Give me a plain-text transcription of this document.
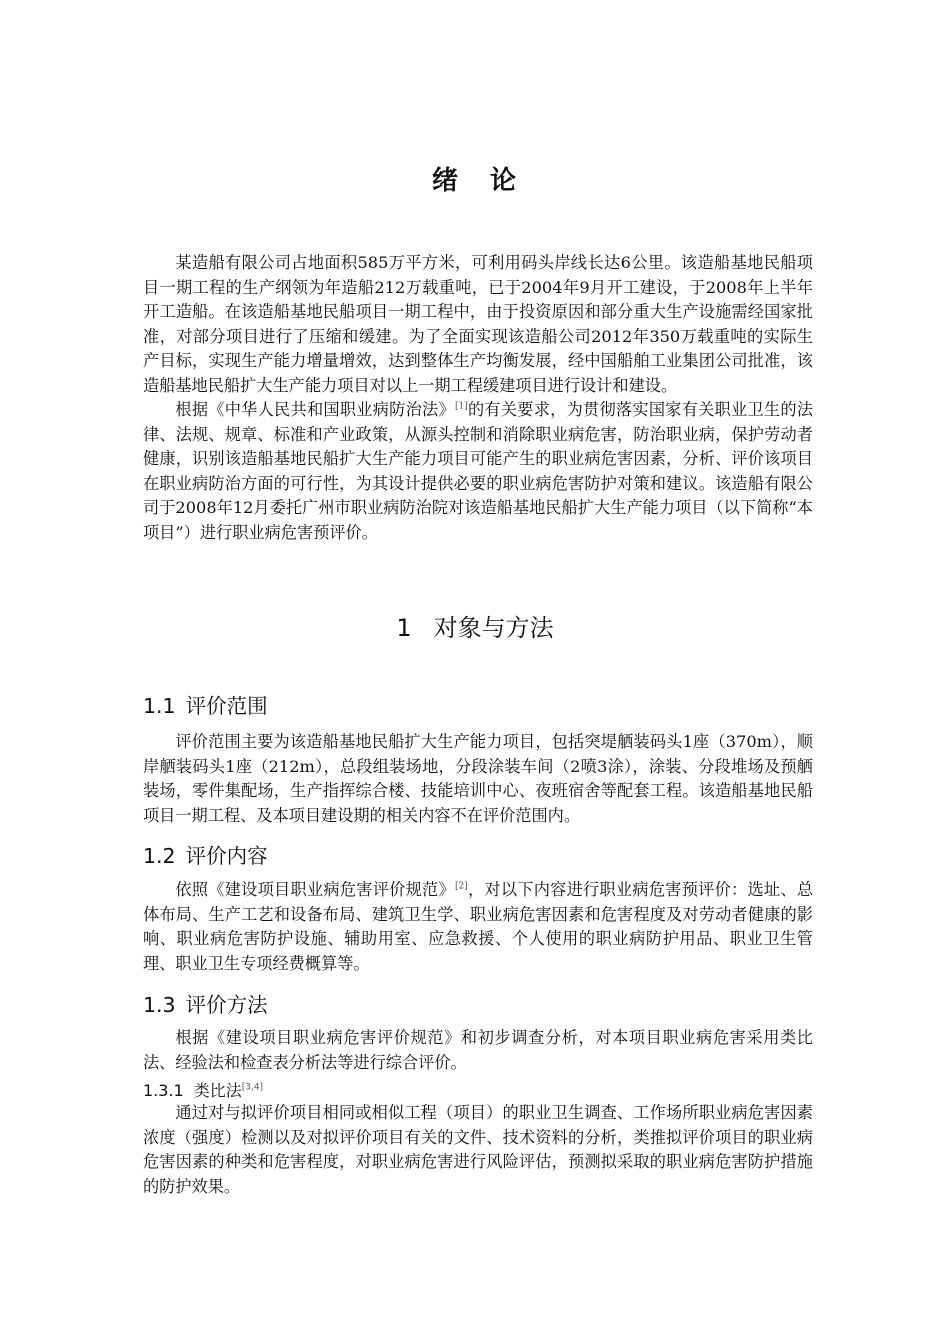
绪 论

某造船有限公司占地面积585万平方米，可利用码头岸线长达6公里。该造船基地民船项目一期工程的生产纲领为年造船212万载重吨，已于2004年9月开工建设，于2008年上半年开工造船。在该造船基地民船项目一期工程中，由于投资原因和部分重大生产设施需经国家批准，对部分项目进行了压缩和缓建。为了全面实现该造船公司2012年350万载重吨的实际生产目标，实现生产能力增量增效，达到整体生产均衡发展，经中国船舶工业集团公司批准，该造船基地民船扩大生产能力项目对以上一期工程缓建项目进行设计和建设。

根据《中华人民共和国职业病防治法》[1]的有关要求，为贯彻落实国家有关职业卫生的法律、法规、规章、标准和产业政策，从源头控制和消除职业病危害，防治职业病，保护劳动者健康，识别该造船基地民船扩大生产能力项目可能产生的职业病危害因素，分析、评价该项目在职业病防治方面的可行性，为其设计提供必要的职业病危害防护对策和建议。该造船有限公司于2008年12月委托广州市职业病防治院对该造船基地民船扩大生产能力项目（以下简称“本项目”）进行职业病危害预评价。

1 对象与方法
1.1 评价范围

评价范围主要为该造船基地民船扩大生产能力项目，包括突堤舾装码头1座（370m），顺岸舾装码头1座（212m），总段组装场地，分段涂装车间（2喷3涂），涂装、分段堆场及预舾装场，零件集配场，生产指挥综合楼、技能培训中心、夜班宿舍等配套工程。该造船基地民船项目一期工程、及本项目建设期的相关内容不在评价范围内。

1.2 评价内容

依照《建设项目职业病危害评价规范》[2]，对以下内容进行职业病危害预评价：选址、总体布局、生产工艺和设备布局、建筑卫生学、职业病危害因素和危害程度及对劳动者健康的影响、职业病危害防护设施、辅助用室、应急救援、个人使用的职业病防护用品、职业卫生管理、职业卫生专项经费概算等。

1.3 评价方法

根据《建设项目职业病危害评价规范》和初步调查分析，对本项目职业病危害采用类比法、经验法和检查表分析法等进行综合评价。

1.3.1 类比法[3,4]

通过对与拟评价项目相同或相似工程（项目）的职业卫生调查、工作场所职业病危害因素浓度（强度）检测以及对拟评价项目有关的文件、技术资料的分析，类推拟评价项目的职业病危害因素的种类和危害程度，对职业病危害进行风险评估，预测拟采取的职业病危害防护措施的防护效果。
